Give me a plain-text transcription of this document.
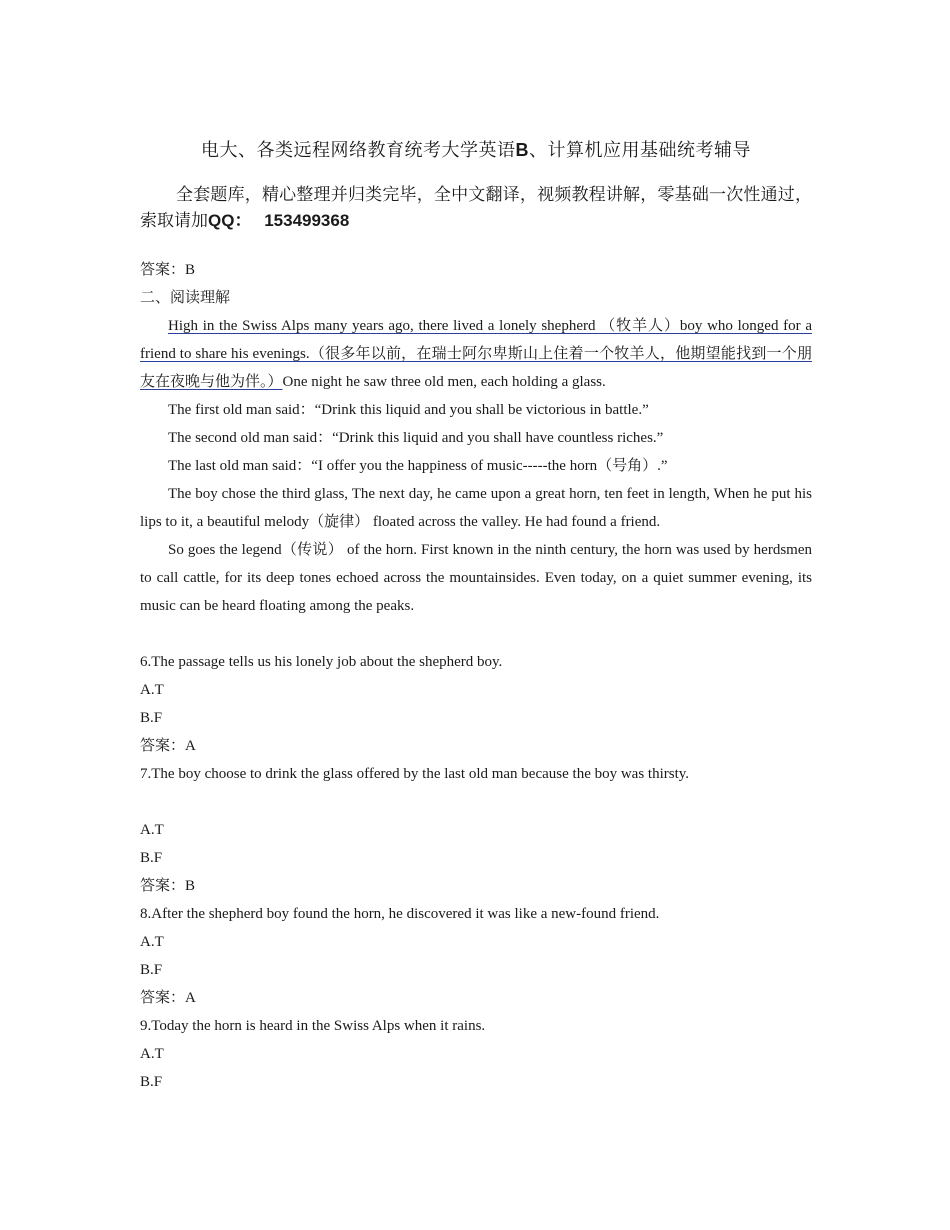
电大、各类远程网络教育统考大学英语B、计算机应用基础统考辅导
全套题库，精心整理并归类完毕，全中文翻译，视频教程讲解，零基础一次性通过，索取请加QQ： 153499368
答案：B
二、阅读理解
High in the Swiss Alps many years ago, there lived a lonely shepherd （牧羊人）boy who longed for a friend to share his evenings.（很多年以前，在瑞士阿尔卑斯山上住着一个牧羊人，他期望能找到一个朋友在夜晚与他为伴。）One night he saw three old men, each holding a glass.
The first old man said：“Drink this liquid and you shall be victorious in battle.”
The second old man said：“Drink this liquid and you shall have countless riches.”
The last old man said：“I offer you the happiness of music-----the horn（号角）.”
The boy chose the third glass, The next day, he came upon a great horn, ten feet in length, When he put his lips to it, a beautiful melody（旋律） floated across the valley. He had found a friend.
So goes the legend（传说） of the horn. First known in the ninth century, the horn was used by herdsmen to call cattle, for its deep tones echoed across the mountainsides. Even today, on a quiet summer evening, its music can be heard floating among the peaks.
6.The passage tells us his lonely job about the shepherd boy.
A.T
B.F
答案：A
7.The boy choose to drink the glass offered by the last old man because the boy was thirsty.
A.T
B.F
答案：B
8.After the shepherd boy found the horn, he discovered it was like a new-found friend.
A.T
B.F
答案：A
9.Today the horn is heard in the Swiss Alps when it rains.
A.T
B.F
